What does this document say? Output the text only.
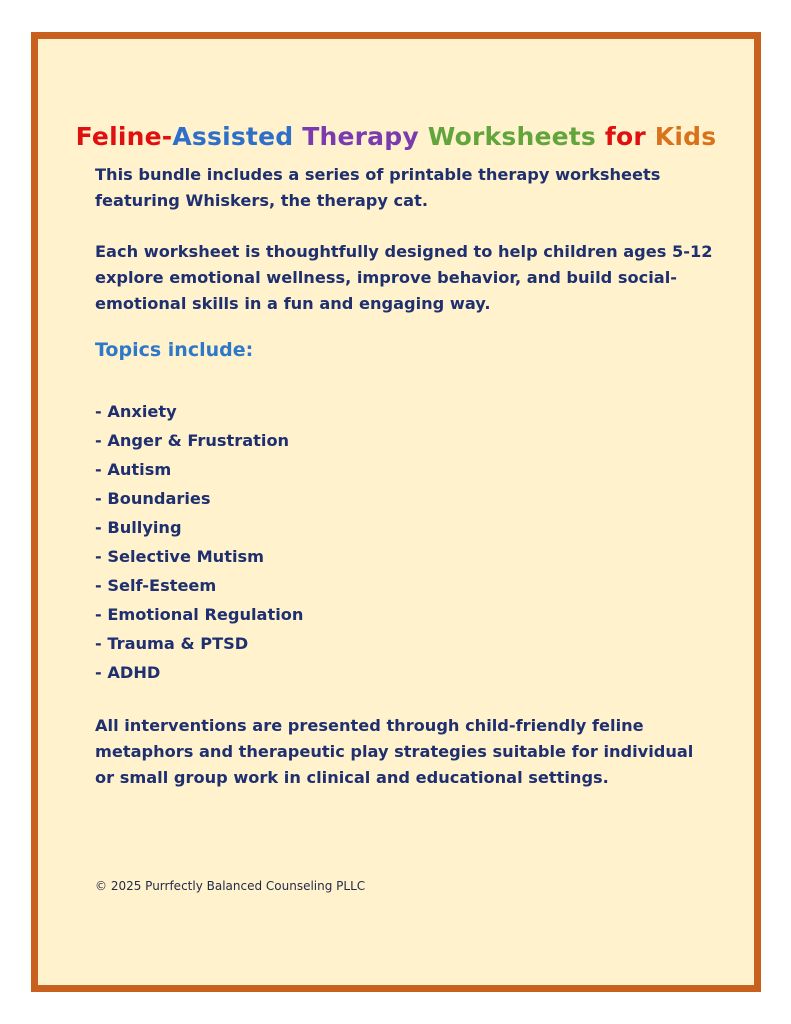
Feline-Assisted Therapy Worksheets for Kids

This bundle includes a series of printable therapy worksheets featuring Whiskers, the therapy cat.

Each worksheet is thoughtfully designed to help children ages 5-12 explore emotional wellness, improve behavior, and build social-emotional skills in a fun and engaging way.

Topics include:
- Anxiety
- Anger & Frustration
- Autism
- Boundaries
- Bullying
- Selective Mutism
- Self-Esteem
- Emotional Regulation
- Trauma & PTSD
- ADHD

All interventions are presented through child-friendly feline metaphors and therapeutic play strategies suitable for individual or small group work in clinical and educational settings.

© 2025 Purrfectly Balanced Counseling PLLC
